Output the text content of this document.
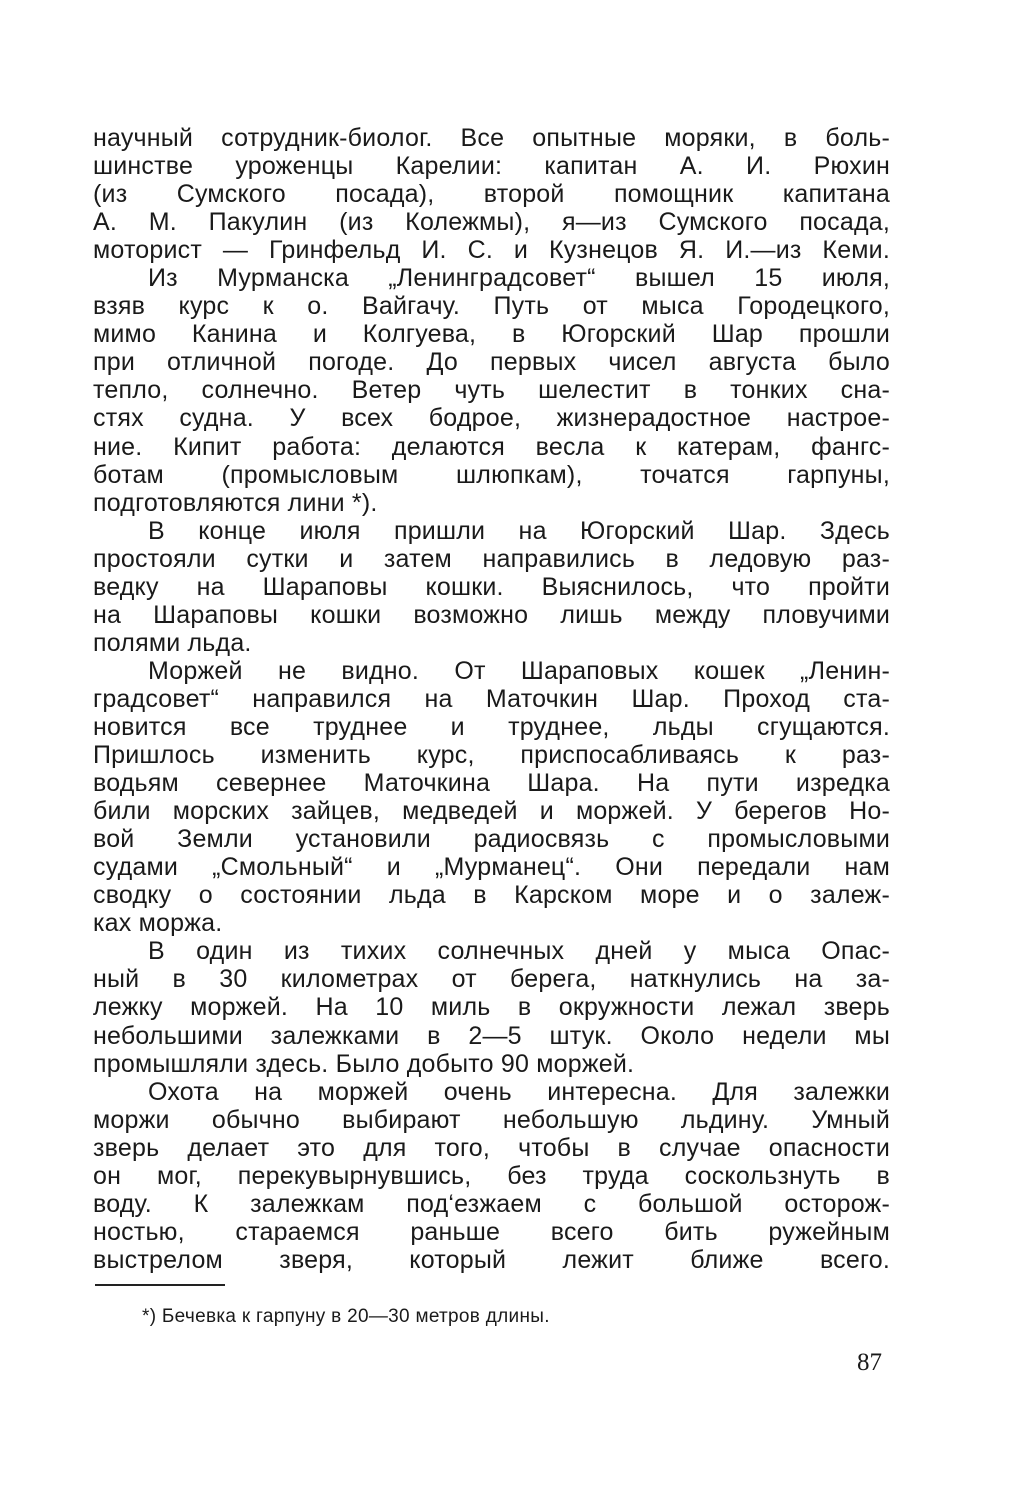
научный сотрудник-биолог. Все опытные моряки, в боль-
шинстве уроженцы Карелии: капитан А. И. Рюхин
(из Сумского посада), второй помощник капитана
А. М. Пакулин (из Колежмы), я—из Сумского посада,
моторист — Гринфельд И. С. и Кузнецов Я. И.—из Кеми.
Из Мурманска „Ленинградсовет“ вышел 15 июля,
взяв курс к о. Вайгачу. Путь от мыса Городецкого,
мимо Канина и Колгуева, в Югорский Шар прошли
при отличной погоде. До первых чисел августа было
тепло, солнечно. Ветер чуть шелестит в тонких сна-
стях судна. У всех бодрое, жизнерадостное настрое-
ние. Кипит работа: делаются весла к катерам, фангс-
ботам (промысловым шлюпкам), точатся гарпуны,
подготовляются лини *).
В конце июля пришли на Югорский Шар. Здесь
простояли сутки и затем направились в ледовую раз-
ведку на Шараповы кошки. Выяснилось, что пройти
на Шараповы кошки возможно лишь между пловучими
полями льда.
Моржей не видно. От Шараповых кошек „Ленин-
градсовет“ направился на Маточкин Шар. Проход ста-
новится все труднее и труднее, льды сгущаются.
Пришлось изменить курс, приспосабливаясь к раз-
водьям севернее Маточкина Шара. На пути изредка
били морских зайцев, медведей и моржей. У берегов Но-
вой Земли установили радиосвязь с промысловыми
судами „Смольный“ и „Мурманец“. Они передали нам
сводку о состоянии льда в Карском море и о залеж-
ках моржа.
В один из тихих солнечных дней у мыса Опас-
ный в 30 километрах от берега, наткнулись на за-
лежку моржей. На 10 миль в окружности лежал зверь
небольшими залежками в 2—5 штук. Около недели мы
промышляли здесь. Было добыто 90 моржей.
Охота на моржей очень интересна. Для залежки
моржи обычно выбирают небольшую льдину. Умный
зверь делает это для того, чтобы в случае опасности
он мог, перекувырнувшись, без труда соскользнуть в
воду. К залежкам под‘езжаем с большой осторож-
ностью, стараемся раньше всего бить ружейным
выстрелом зверя, который лежит ближе всего.
*) Бечевка к гарпуну в 20—30 метров длины.
87
